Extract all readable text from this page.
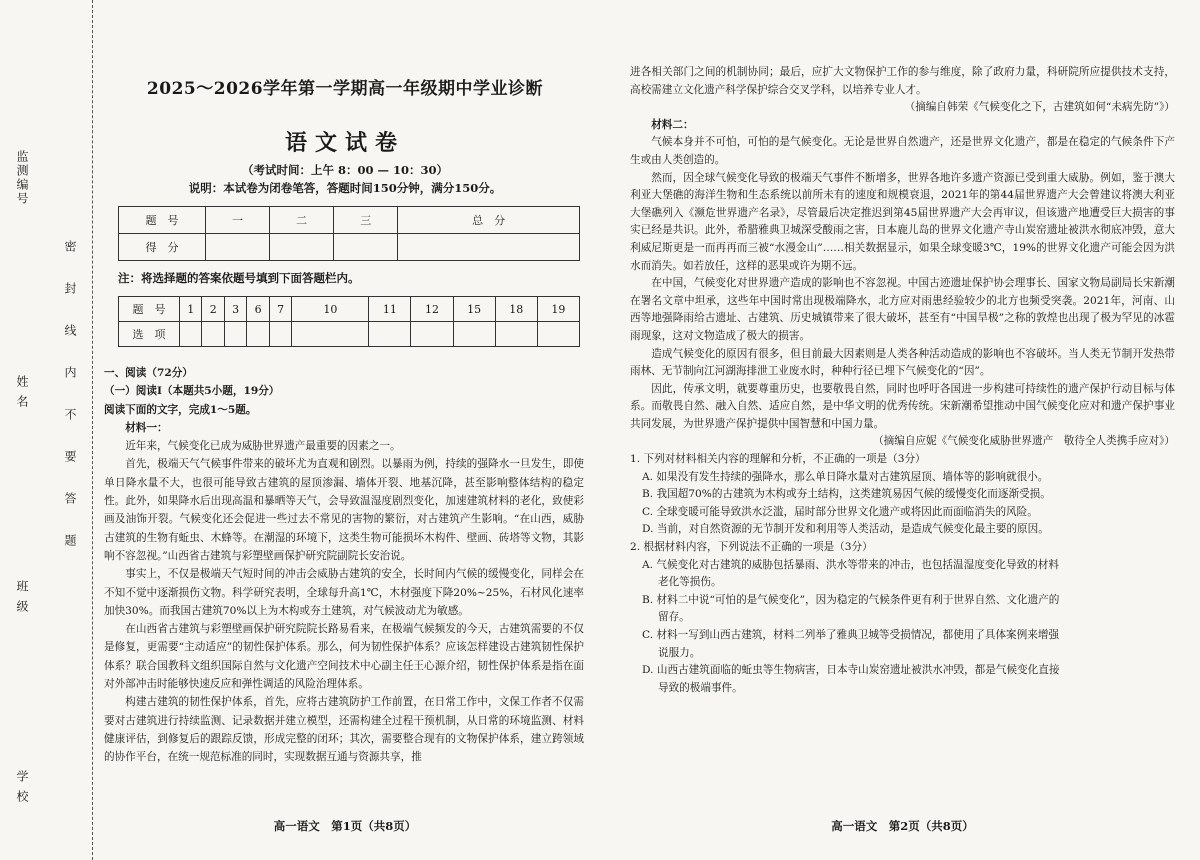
学 校
班 级
姓 名
监测编号
密封线内不要答题
2025～2026学年第一学期高一年级期中学业诊断
语文试卷
（考试时间：上午 8：00 — 10：30）
说明：本试卷为闭卷笔答，答题时间150分钟，满分150分。
题　号	一	二	三	总　分
得　分				
注：将选择题的答案依题号填到下面答题栏内。
题　号	1	2	3	6	7	10	11	12	15	18	19
选　项											

一、阅读（72分）

（一）阅读Ⅰ（本题共5小题，19分）

阅读下面的文字，完成1～5题。

材料一：

近年来，气候变化已成为威胁世界遗产最重要的因素之一。

首先，极端天气气候事件带来的破坏尤为直观和剧烈。以暴雨为例，持续的强降水一旦发生，即使单日降水量不大，也很可能导致古建筑的屋顶渗漏、墙体开裂、地基沉降，甚至影响整体结构的稳定性。此外，如果降水后出现高温和暴晒等天气，会导致温湿度剧烈变化，加速建筑材料的老化，致使彩画及油饰开裂。气候变化还会促进一些过去不常见的害物的繁衍，对古建筑产生影响。“在山西，威胁古建筑的生物有蚯虫、木蜂等。在潮湿的环境下，这类生物可能损坏木构件、壁画、砖塔等文物，其影响不容忽视。”山西省古建筑与彩塑壁画保护研究院副院长安治说。

事实上，不仅是极端天气短时间的冲击会威胁古建筑的安全，长时间内气候的缓慢变化，同样会在不知不觉中逐渐损伤文物。科学研究表明，全球每升高1℃，木材强度下降20%~25%，石材风化速率加快30%。而我国古建筑70%以上为木构或夯土建筑，对气候波动尤为敏感。

在山西省古建筑与彩塑壁画保护研究院院长路易看来，在极端气候频发的今天，古建筑需要的不仅是修复，更需要“主动适应”的韧性保护体系。那么，何为韧性保护体系？应该怎样建设古建筑韧性保护体系？联合国教科文组织国际自然与文化遗产空间技术中心副主任王心源介绍，韧性保护体系是指在面对外部冲击时能够快速反应和弹性调适的风险治理体系。

构建古建筑的韧性保护体系，首先，应将古建筑防护工作前置，在日常工作中，文保工作者不仅需要对古建筑进行持续监测、记录数据并建立模型，还需构建全过程干预机制，从日常的环境监测、材料健康评估，到修复后的跟踪反馈，形成完整的闭环；其次，需要整合现有的文物保护体系，建立跨领域的协作平台，在统一规范标准的同时，实现数据互通与资源共享，推

高一语文　第1页（共8页）

进各相关部门之间的机制协同；最后，应扩大文物保护工作的参与维度，除了政府力量，科研院所应提供技术支持，高校需建立文化遗产科学保护综合交叉学科，以培养专业人才。

（摘编自韩荣《气候变化之下，古建筑如何“未病先防”》）

材料二：

气候本身并不可怕，可怕的是气候变化。无论是世界自然遗产，还是世界文化遗产，都是在稳定的气候条件下产生或由人类创造的。

然而，因全球气候变化导致的极端天气事件不断增多，世界各地许多遗产资源已受到重大威胁。例如，鉴于澳大利亚大堡礁的海洋生物和生态系统以前所未有的速度和规模衰退，2021年的第44届世界遗产大会曾建议将澳大利亚大堡礁列入《濒危世界遗产名录》，尽管最后决定推迟到第45届世界遗产大会再审议，但该遗产地遭受巨大损害的事实已经是共识。此外，希腊雅典卫城深受酸雨之害，日本鹿儿岛的世界文化遗产寺山炭窑遗址被洪水彻底冲毁，意大利威尼斯更是一而再再而三被“水漫金山”……相关数据显示，如果全球变暖3℃，19%的世界文化遗产可能会因为洪水而消失。如若放任，这样的恶果或许为期不远。

在中国，气候变化对世界遗产造成的影响也不容忽视。中国古迹遗址保护协会理事长、国家文物局副局长宋新潮在署名文章中坦承，这些年中国时常出现极端降水，北方应对雨患经验较少的北方也频受突袭。2021年，河南、山西等地强降雨给古遗址、古建筑、历史城镇带来了很大破坏，甚至有“中国旱极”之称的敦煌也出现了极为罕见的冰雹雨现象，这对文物造成了极大的损害。

造成气候变化的原因有很多，但目前最大因素则是人类各种活动造成的影响也不容破坏。当人类无节制开发热带雨林、无节制向江河湖海排泄工业废水时，种种行径已埋下气候变化的“因”。

因此，传承文明，就要尊重历史，也要敬畏自然，同时也呼吁各国进一步构建可持续性的遗产保护行动目标与体系。而敬畏自然、融入自然、适应自然，是中华文明的优秀传统。宋新潮希望推动中国气候变化应对和遗产保护事业共同发展，为世界遗产保护提供中国智慧和中国力量。

（摘编自应妮《气候变化威胁世界遗产　敬待全人类携手应对》）

1. 下列对材料相关内容的理解和分析，不正确的一项是（3分）

A. 如果没有发生持续的强降水，那么单日降水量对古建筑屋顶、墙体等的影响就很小。

B. 我国超70%的古建筑为木构或夯土结构，这类建筑易因气候的缓慢变化而逐渐受损。

C. 全球变暖可能导致洪水泛滥，届时部分世界文化遗产或将因此而面临消失的风险。

D. 当前，对自然资源的无节制开发和利用等人类活动，是造成气候变化最主要的原因。

2. 根据材料内容，下列说法不正确的一项是（3分）

A. 气候变化对古建筑的威胁包括暴雨、洪水等带来的冲击，也包括温湿度变化导致的材料

老化等损伤。

B. 材料二中说“可怕的是气候变化”，因为稳定的气候条件更有利于世界自然、文化遗产的

留存。

C. 材料一写到山西古建筑，材料二列举了雅典卫城等受损情况，都使用了具体案例来增强

说服力。

D. 山西古建筑面临的蚯虫等生物病害，日本寺山炭窑遗址被洪水冲毁，都是气候变化直接

导致的极端事件。

高一语文　第2页（共8页）
